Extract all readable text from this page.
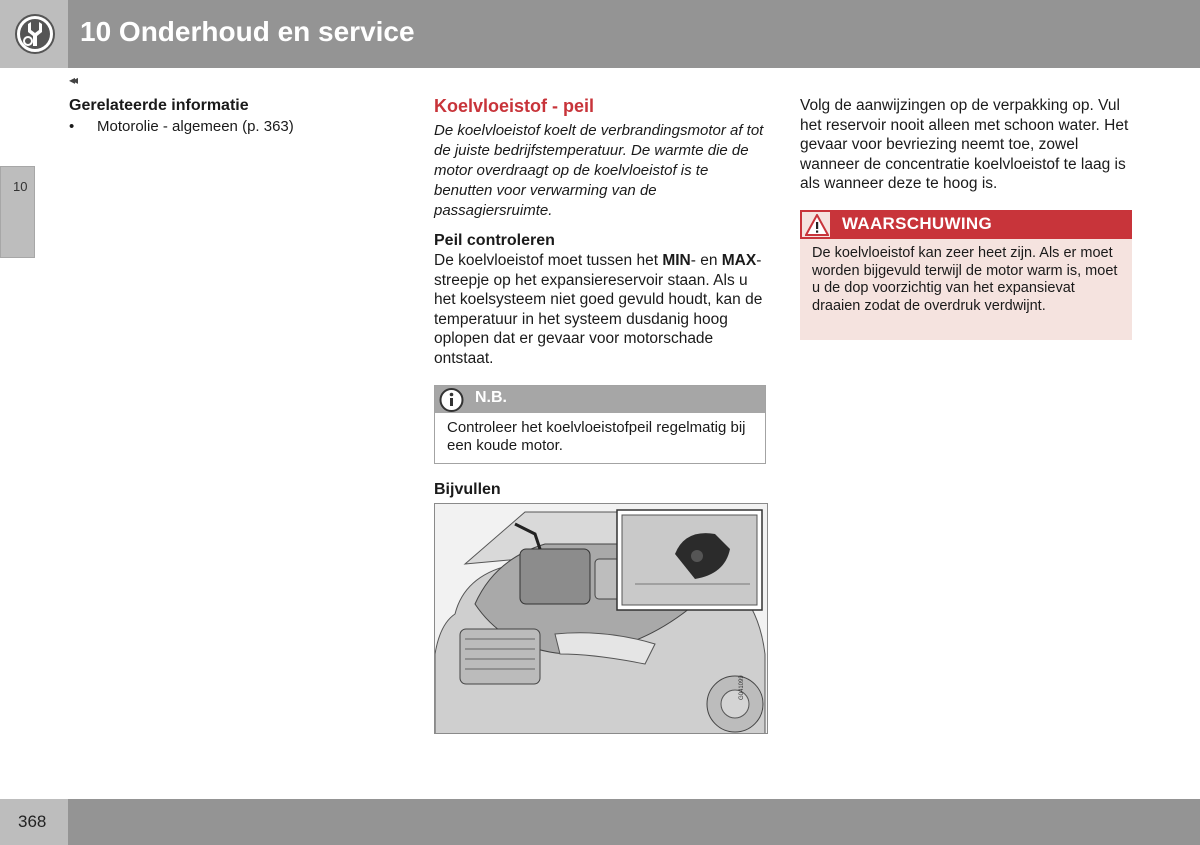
10 Onderhoud en service
10
◂◂
Gerelateerde informatie
• Motorolie - algemeen (p. 363)
Koelvloeistof - peil
De koelvloeistof koelt de verbrandingsmotor af tot de juiste bedrijfstemperatuur. De warmte die de motor overdraagt op de koelvloeistof is te benutten voor verwarming van de passagiersruimte.
Peil controleren
De koelvloeistof moet tussen het MIN- en MAX-streepje op het expansiereservoir staan. Als u het koelsysteem niet goed gevuld houdt, kan de temperatuur in het systeem dusdanig hoog oplopen dat er gevaar voor motorschade ontstaat.
N.B.
Controleer het koelvloeistofpeil regelmatig bij een koude motor.
Bijvullen
G041099
Volg de aanwijzingen op de verpakking op. Vul het reservoir nooit alleen met schoon water. Het gevaar voor bevriezing neemt toe, zowel wanneer de concentratie koelvloeistof te laag is als wanneer deze te hoog is.
WAARSCHUWING
De koelvloeistof kan zeer heet zijn. Als er moet worden bijgevuld terwijl de motor warm is, moet u de dop voorzichtig van het expansievat draaien zodat de overdruk verdwijnt.
368
